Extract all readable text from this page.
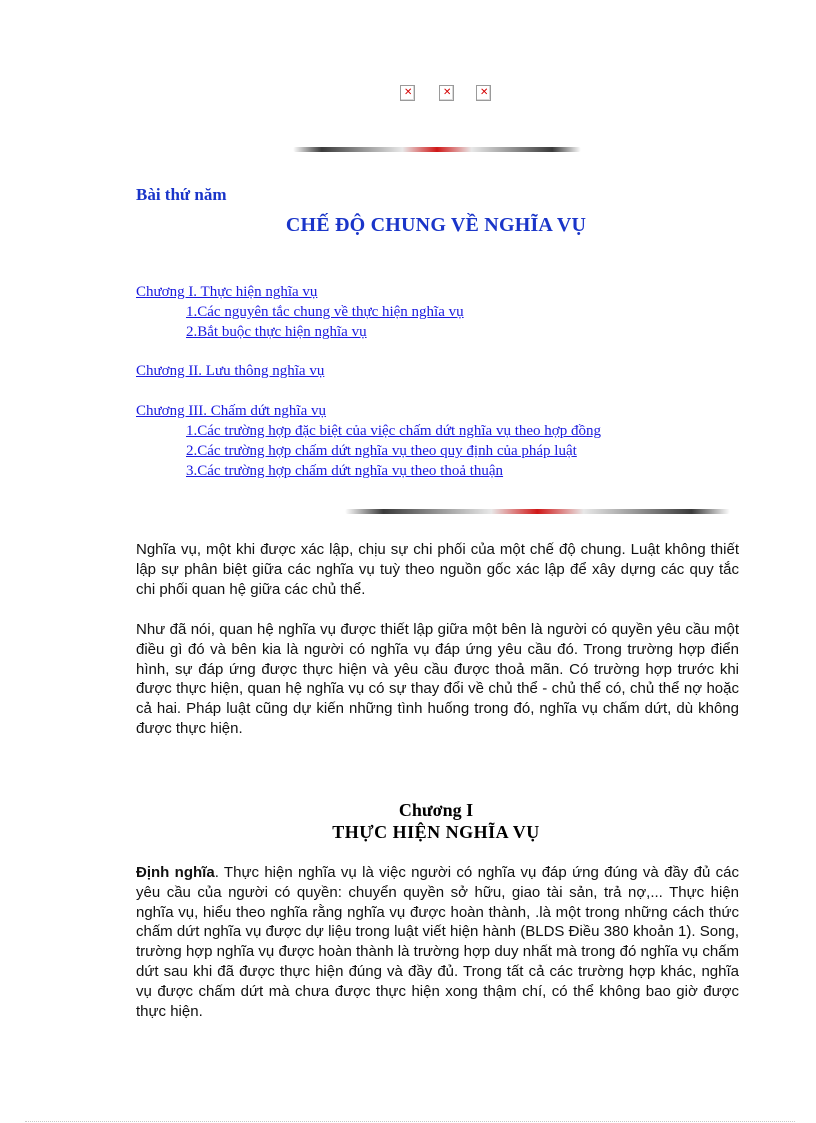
✕
✕
✕
Bài thứ năm
CHẾ ĐỘ CHUNG VỀ NGHĨA VỤ
Chương I. Thực hiện nghĩa vụ
1.Các nguyên tắc chung về thực hiện nghĩa vụ
2.Bắt buộc thực hiện nghĩa vụ
Chương II. Lưu thông nghĩa vụ
Chương III. Chấm dứt nghĩa vụ
1.Các trường hợp đặc biệt của việc chấm dứt nghĩa vụ theo hợp đồng
2.Các trường hợp chấm dứt nghĩa vụ theo quy định của pháp luật
3.Các trường hợp chấm dứt nghĩa vụ theo thoả thuận

Nghĩa vụ, một khi được xác lập, chịu sự chi phối của một chế độ chung. Luật không thiết lập sự phân biệt giữa các nghĩa vụ tuỳ theo nguồn gốc xác lập để xây dựng các quy tắc chi phối quan hệ giữa các chủ thể.

Như đã nói, quan hệ nghĩa vụ được thiết lập giữa một bên là người có quyền yêu cầu một điều gì đó và bên kia là người có nghĩa vụ đáp ứng yêu cầu đó. Trong trường hợp điển hình, sự đáp ứng được thực hiện và yêu cầu được thoả mãn. Có trường hợp trước khi được thực hiện, quan hệ nghĩa vụ có sự thay đổi về chủ thể - chủ thể có, chủ thể nợ hoặc cả hai. Pháp luật cũng dự kiến những tình huống trong đó, nghĩa vụ chấm dứt, dù không được thực hiện.

Chương I
THỰC HIỆN NGHĨA VỤ

Định nghĩa. Thực hiện nghĩa vụ là việc người có nghĩa vụ đáp ứng đúng và đầy đủ các yêu cầu của người có quyền: chuyển quyền sở hữu, giao tài sản, trả nợ,... Thực hiện nghĩa vụ, hiểu theo nghĩa rằng nghĩa vụ được hoàn thành, .là một trong những cách thức chấm dứt nghĩa vụ được dự liệu trong luật viết hiện hành (BLDS Điều 380 khoản 1). Song, trường hợp nghĩa vụ được hoàn thành là trường hợp duy nhất mà trong đó nghĩa vụ chấm dứt sau khi đã được thực hiện đúng và đầy đủ. Trong tất cả các trường hợp khác, nghĩa vụ được chấm dứt mà chưa được thực hiện xong thậm chí, có thể không bao giờ được thực hiện.
